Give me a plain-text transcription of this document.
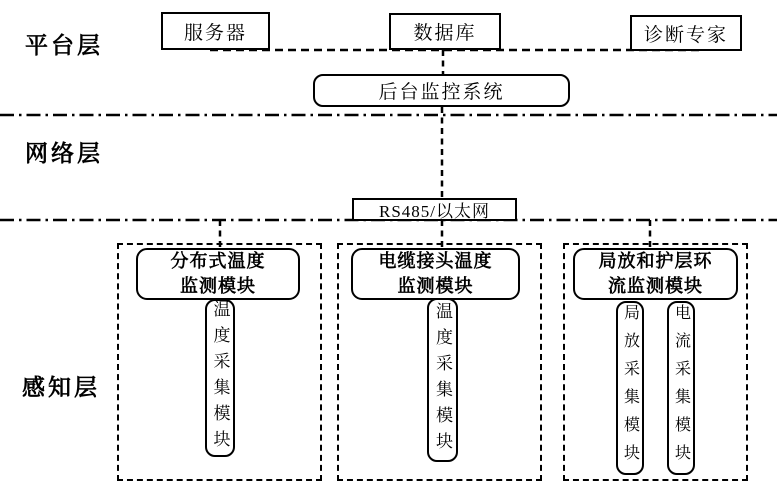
平台层
网络层
感知层
服务器	数据库	诊断专家
后台监控系统
RS485/以太网
分布式温度
监测模块
温度采集模块
电缆接头温度
监测模块
温度采集模块
局放和护层环
流监测模块
局放采集模块	电流采集模块
